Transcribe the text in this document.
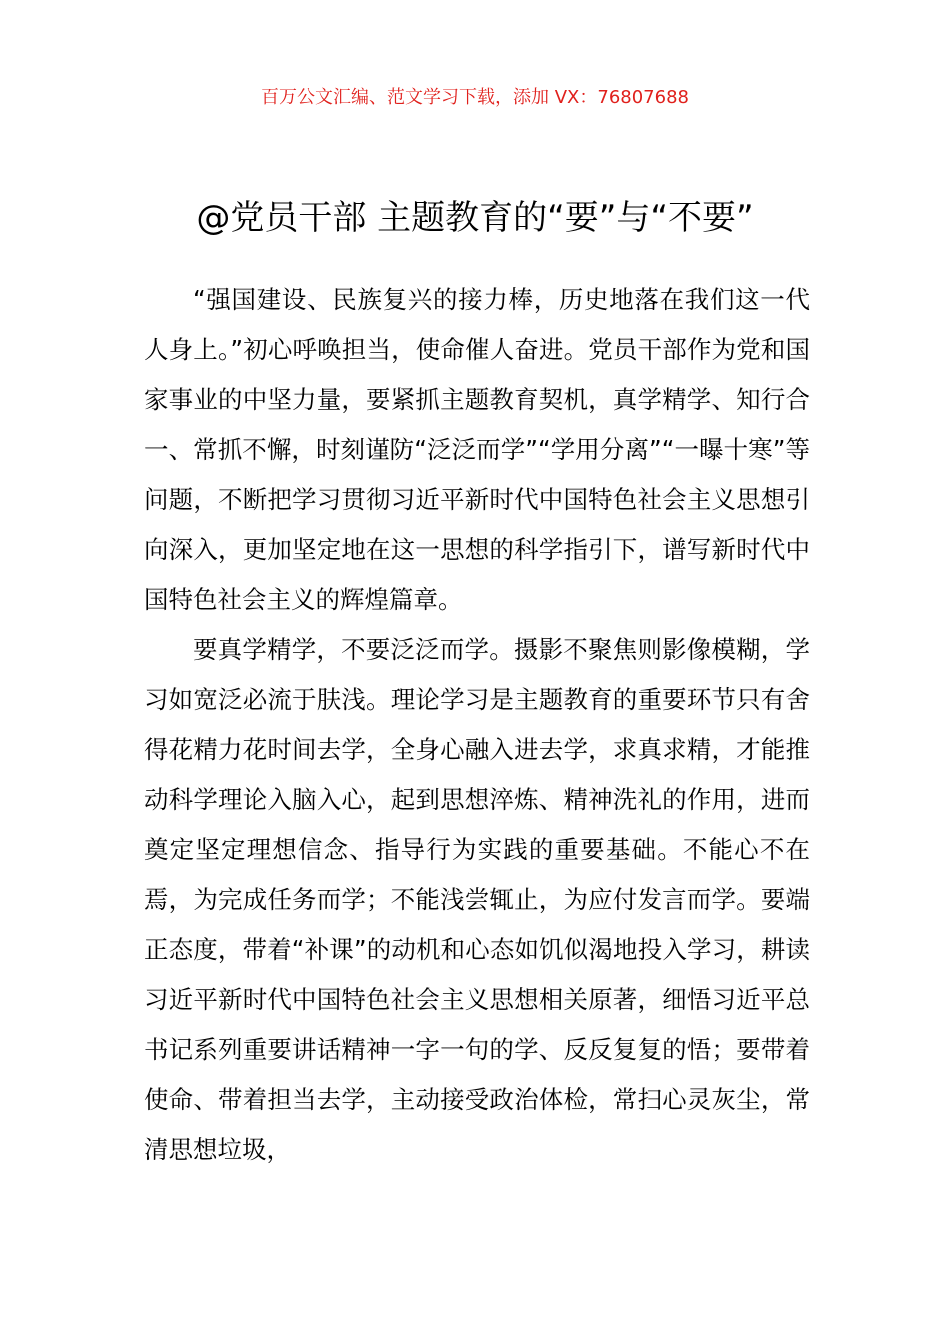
百万公文汇编、范文学习下载，添加 VX：76807688
@党员干部 主题教育的“要”与“不要”

“强国建设、民族复兴的接力棒，历史地落在我们这一代人身上。”初心呼唤担当，使命催人奋进。党员干部作为党和国家事业的中坚力量，要紧抓主题教育契机，真学精学、知行合一、常抓不懈，时刻谨防“泛泛而学”“学用分离”“一曝十寒”等问题，不断把学习贯彻习近平新时代中国特色社会主义思想引向深入，更加坚定地在这一思想的科学指引下，谱写新时代中国特色社会主义的辉煌篇章。

要真学精学，不要泛泛而学。摄影不聚焦则影像模糊，学习如宽泛必流于肤浅。理论学习是主题教育的重要环节只有舍得花精力花时间去学，全身心融入进去学，求真求精，才能推动科学理论入脑入心，起到思想淬炼、精神洗礼的作用，进而奠定坚定理想信念、指导行为实践的重要基础。不能心不在焉，为完成任务而学；不能浅尝辄止，为应付发言而学。要端正态度，带着“补课”的动机和心态如饥似渴地投入学习，耕读习近平新时代中国特色社会主义思想相关原著，细悟习近平总书记系列重要讲话精神一字一句的学、反反复复的悟；要带着使命、带着担当去学，主动接受政治体检，常扫心灵灰尘，常清思想垃圾，
